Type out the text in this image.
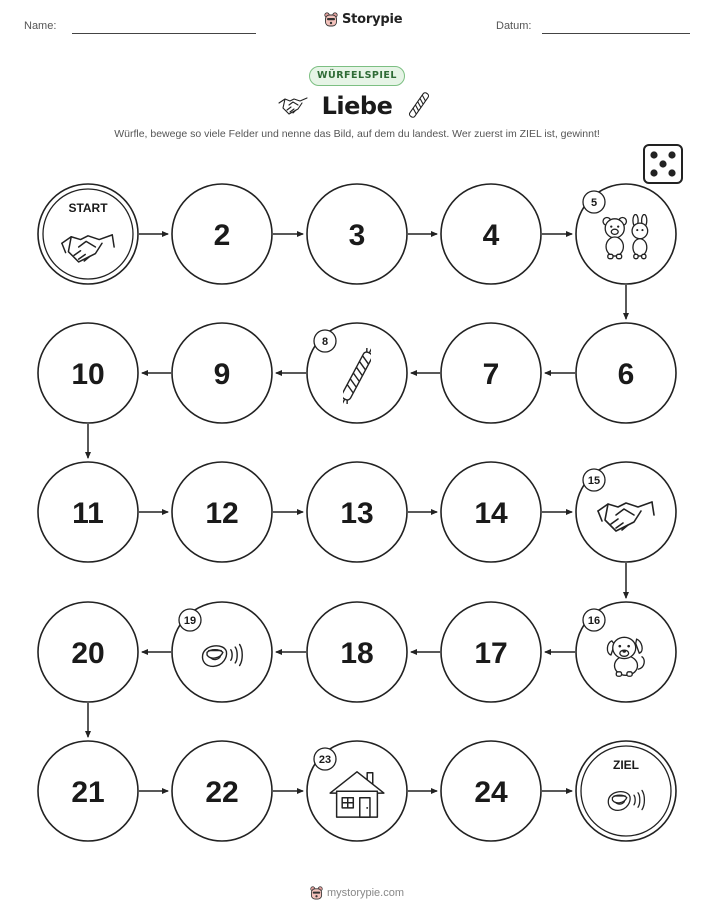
Name:	Storypie	Datum:
WÜRFELSPIEL
Liebe
Würfle, bewege so viele Felder und nenne das Bild, auf dem du landest. Wer zuerst im ZIEL ist, gewinnt!
START
2	3	4
5
6
7
8
9
10
11	12	13	14
15
16
17
18
19
20
21	22
23
24
ZIEL
mystorypie.com
